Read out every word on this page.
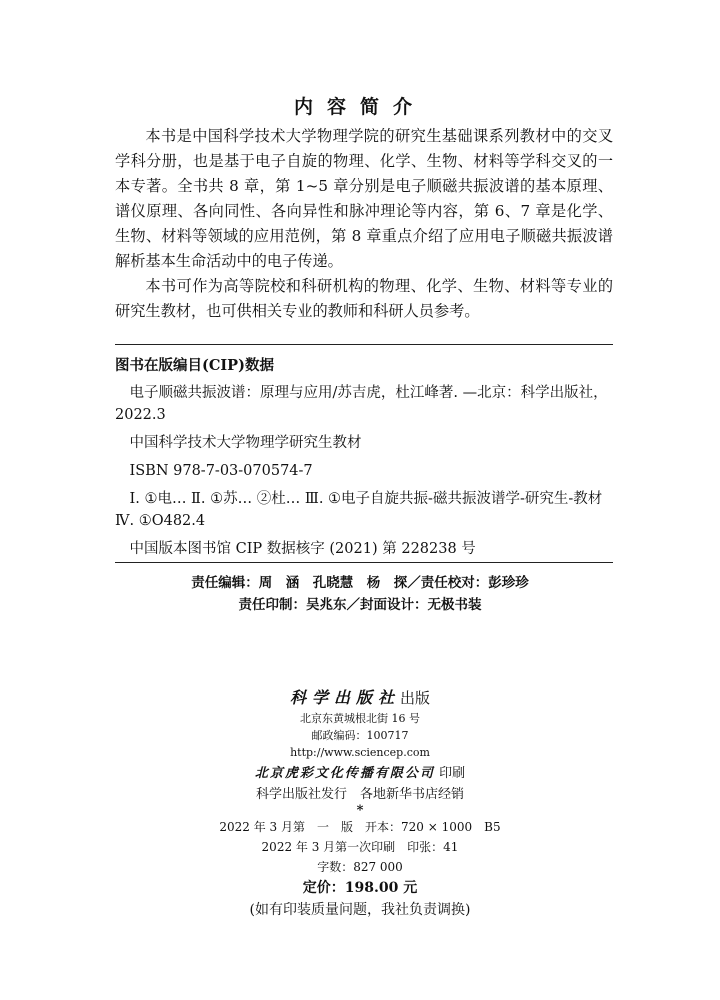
内容简介

本书是中国科学技术大学物理学院的研究生基础课系列教材中的交叉学科分册，也是基于电子自旋的物理、化学、生物、材料等学科交叉的一本专著。全书共 8 章，第 1~5 章分别是电子顺磁共振波谱的基本原理、谱仪原理、各向同性、各向异性和脉冲理论等内容，第 6、7 章是化学、生物、材料等领域的应用范例，第 8 章重点介绍了应用电子顺磁共振波谱解析基本生命活动中的电子传递。

本书可作为高等院校和科研机构的物理、化学、生物、材料等专业的研究生教材，也可供相关专业的教师和科研人员参考。

图书在版编目(CIP)数据

电子顺磁共振波谱：原理与应用/苏吉虎，杜江峰著. —北京：科学出版社，2022.3

中国科学技术大学物理学研究生教材

ISBN 978-7-03-070574-7

Ⅰ. ①电… Ⅱ. ①苏… ②杜… Ⅲ. ①电子自旋共振-磁共振波谱学-研究生-教材 Ⅳ. ①O482.4

中国版本图书馆 CIP 数据核字 (2021) 第 228238 号

责任编辑：周　涵　孔晓慧　杨　探／责任校对：彭珍珍
责任印制：吴兆东／封面设计：无极书装
科学出版社出版
北京东黄城根北街 16 号
邮政编码：100717
http://www.sciencep.com
北京虎彩文化传播有限公司 印刷
科学出版社发行　各地新华书店经销
*
2022 年 3 月第　一　版　开本：720 × 1000　B5
2022 年 3 月第一次印刷　印张：41
字数：827 000
定价：198.00 元
(如有印装质量问题，我社负责调换)
